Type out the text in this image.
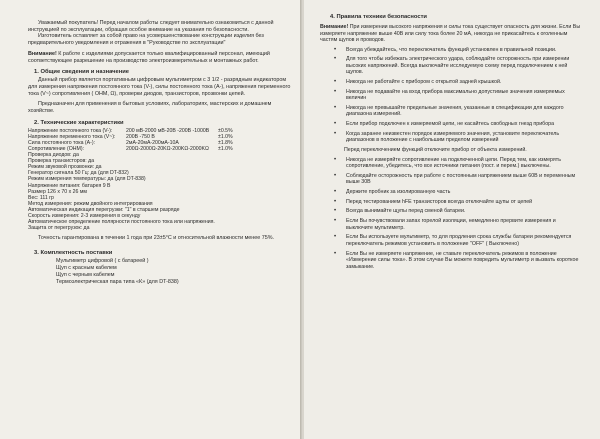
Уважаемый покупатель! Перед началом работы следует внимательно ознакомиться с данной инструкцией по эксплуатации, обращая особое внимание на указания по безопасности.

Изготовитель оставляет за собой право на усовершенствование конструкции изделия без предварительного уведомления и отражения в "Руководстве по эксплуатации"

Внимание! К работе с изделиями допускается только квалифицированный персонал, имеющий соответствующее разрешение на производство электроизмерительных и монтажных работ.

1. Общие сведения и назначение

Данный прибор является портативным цифровым мультиметром с 3 1/2 - разрядным индикатором для измерения напряжения постоянного тока (V-), силы постоянного тока (A-), напряжения переменного тока (V~) сопротивления ( OHM, Ω), проверки диодов, транзисторов, прозвонки цепей.

Предназначен для применения в бытовых условиях, лабораториях, мастерских и домашнем хозяйстве.

2. Технические характеристики
Напряжение постоянного тока (V-):	200 мВ-2000 мВ-20В -200В -1000В	±0.5%
Напряжение переменного тока (V~):	200В -750 В	±1.0%
Сила постоянного тока (A-):	2мА-20мА-200мА-10А	±1.8%
Сопротивление (OHM):	200Ω-2000Ω-20KΩ-200KΩ-2000KΩ	±1.0%
Проверка диодов: да
Проверка транзисторов: да
Режим звуковой прозвонки: да
Генератор сигнала 50 Гц: да (для DT-832)
Режим измерения температуры: да (для DT-838)
Напряжение питания: батарея 9 В
Размер 126 х 70 х 26 мм
Вес: 111 гр
Метод измерения: режим двойного интегрирования
Автоматическая индикация перегрузки: "1" в старшем разряде
Скорость измерения: 2-3 измерения в секунду
Автоматическое определение полярности постоянного тока или напряжения.
Защита от перегрузок: да

Точность гарантирована в течении 1 года при 23±5°С и относительной влажности менее 75%.

3. Комплектность поставки
Мультиметр цифровой ( с батареей )
Щуп с красным кабелем
Щуп с черным кабелем
Термоэлектрическая пара типа «К» (для DT-838)
4. Правила техники безопасности

Внимание! При измерении высокого напряжения и силы тока существует опасность для жизни. Если Вы измеряете напряжение выше 40В или силу тока более 20 мА, никогда не прикасайтесь к оголенным частям щупов и проводов.

•	Всегда убеждайтесь, что переключатель функций установлен в правильной позиции.
•	Для того чтобы избежать электрического удара, соблюдайте осторожность при измерении высоких напряжений. Всегда выключайте исследуемую схему перед подключением к ней щупов.
•	Никогда не работайте с прибором с открытой задней крышкой.
•	Никогда не подавайте на вход прибора максимально допустимые значения измеряемых величин
•	Никогда не превышайте предельные значения, указанные в спецификации для каждого диапазона измерений.
•	Если прибор подключен к измеряемой цепи, не касайтесь свободных гнезд прибора
•	Когда заранее неизвестен порядок измеряемого значения, установите переключатель диапазонов в положение с наибольшим пределом измерений

Перед переключением функций отключите прибор от объекта измерений.

•	Никогда не измеряйте сопротивление на подключенной цепи. Перед тем, как измерять сопротивление, убедитесь, что все источники питания (пост. и перем.) выключены.
•	Соблюдайте осторожность при работе с постоянным напряжением выше 60В и переменным выше 30В
•	Держите пробник за изолированную часть
•	Перед тестированием hFE транзисторов всегда отключайте щупы от цепей
•	Всегда вынимайте щупы перед сменой батареи.
•	Если Вы почувствовали запах горелой изоляции, немедленно прервите измерения и выключите мультиметр.
•	Если Вы используете мультиметр, то для продления срока службы батареи рекомендуется переключатель режимов установить в положение "OFF" ( Выключено)
•	Если Вы не измеряете напряжение, не ставьте переключатель режимов в положение «Измерение силы тока». В этом случае Вы можете повредить мультиметр и вызвать короткое замыкание.
